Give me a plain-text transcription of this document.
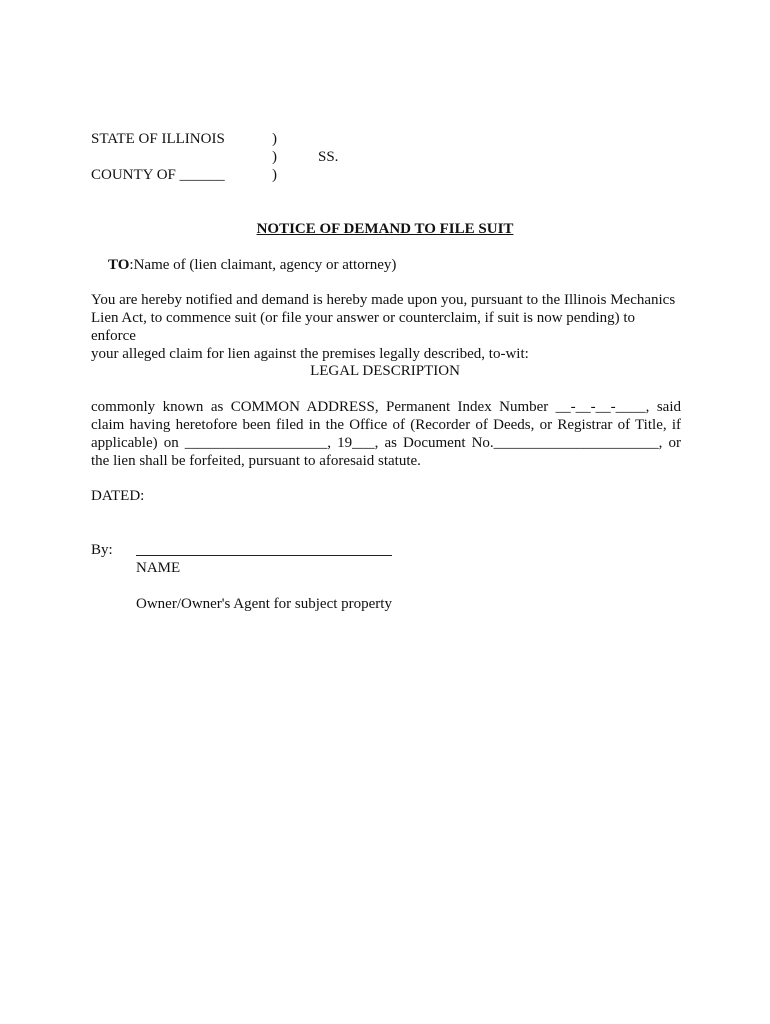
STATE OF ILLINOIS
COUNTY OF ______
)
)
)
SS.
NOTICE OF DEMAND TO FILE SUIT
TO:Name of (lien claimant, agency or attorney)
You are hereby notified and demand is hereby made upon you, pursuant to the Illinois Mechanics
Lien Act, to commence suit (or file your answer or counterclaim, if suit is now pending) to enforce
your alleged claim for lien against the premises legally described, to-wit:
LEGAL DESCRIPTION
commonly known as COMMON ADDRESS, Permanent Index Number __-__-__-____, said
claim having heretofore been filed in the Office of (Recorder of Deeds, or Registrar of Title, if
applicable) on ___________________, 19___, as Document No.______________________, or
the lien shall be forfeited, pursuant to aforesaid statute.
DATED:
By:
NAME
Owner/Owner's Agent for subject property
